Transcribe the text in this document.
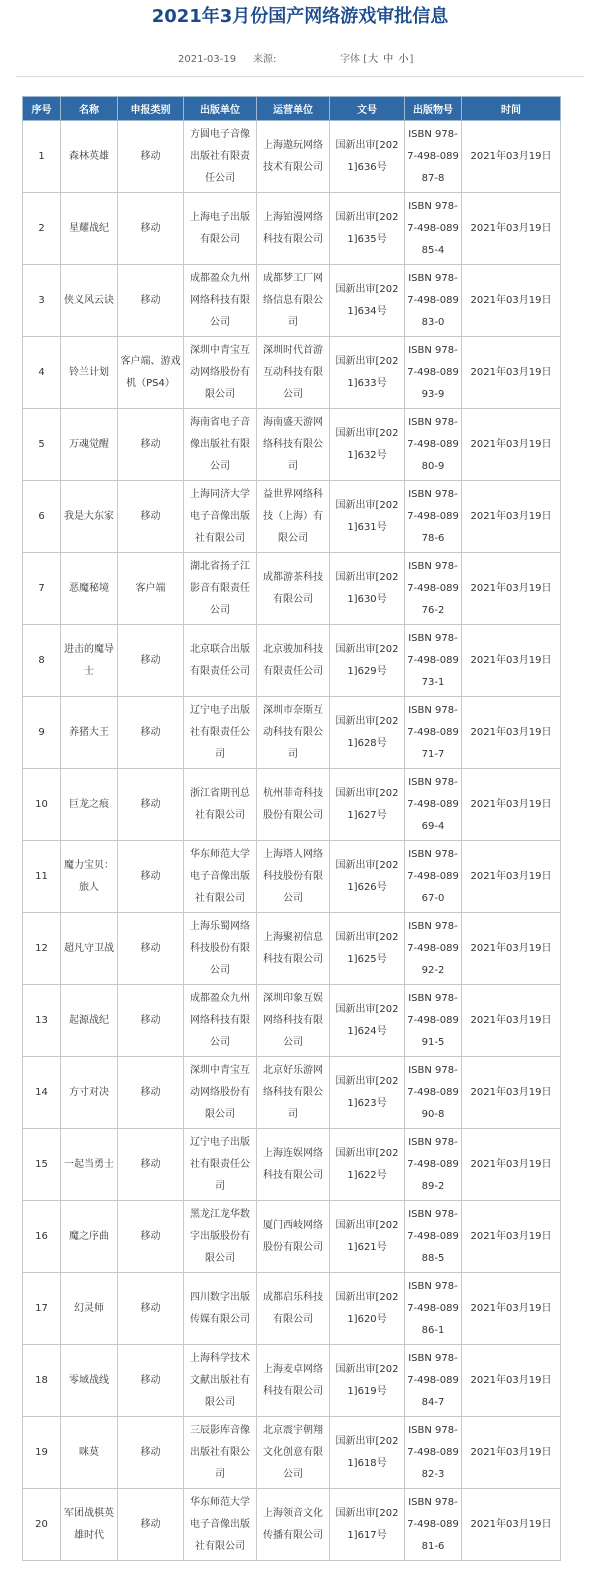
2021年3月份国产网络游戏审批信息
2021-03-19 来源:	字体 [大 中 小]
序号	名称	申报类别	出版单位	运营单位	文号	出版物号	时间
1	森林英雄	移动	方圆电子音像出版社有限责任公司	上海遨玩网络技术有限公司	国新出审[2021]636号	ISBN 978-7-498-08987-8	2021年03月19日
2	星耀战纪	移动	上海电子出版有限公司	上海铂漫网络科技有限公司	国新出审[2021]635号	ISBN 978-7-498-08985-4	2021年03月19日
3	侠义风云诀	移动	成都盈众九州网络科技有限公司	成都梦工厂网络信息有限公司	国新出审[2021]634号	ISBN 978-7-498-08983-0	2021年03月19日
4	铃兰计划	客户端、游戏机（PS4）	深圳中青宝互动网络股份有限公司	深圳时代首游互动科技有限公司	国新出审[2021]633号	ISBN 978-7-498-08993-9	2021年03月19日
5	万魂觉醒	移动	海南省电子音像出版社有限公司	海南盛天游网络科技有限公司	国新出审[2021]632号	ISBN 978-7-498-08980-9	2021年03月19日
6	我是大东家	移动	上海同济大学电子音像出版社有限公司	益世界网络科技（上海）有限公司	国新出审[2021]631号	ISBN 978-7-498-08978-6	2021年03月19日
7	恶魔秘境	客户端	湖北省扬子江影音有限责任公司	成都游茶科技有限公司	国新出审[2021]630号	ISBN 978-7-498-08976-2	2021年03月19日
8	进击的魔导士	移动	北京联合出版有限责任公司	北京骏加科技有限责任公司	国新出审[2021]629号	ISBN 978-7-498-08973-1	2021年03月19日
9	养猪大王	移动	辽宁电子出版社有限责任公司	深圳市奈斯互动科技有限公司	国新出审[2021]628号	ISBN 978-7-498-08971-7	2021年03月19日
10	巨龙之痕	移动	浙江省期刊总社有限公司	杭州菲奇科技股份有限公司	国新出审[2021]627号	ISBN 978-7-498-08969-4	2021年03月19日
11	魔力宝贝：旅人	移动	华东师范大学电子音像出版社有限公司	上海塔人网络科技股份有限公司	国新出审[2021]626号	ISBN 978-7-498-08967-0	2021年03月19日
12	超凡守卫战	移动	上海乐蜀网络科技股份有限公司	上海聚初信息科技有限公司	国新出审[2021]625号	ISBN 978-7-498-08992-2	2021年03月19日
13	起源战纪	移动	成都盈众九州网络科技有限公司	深圳印象互娱网络科技有限公司	国新出审[2021]624号	ISBN 978-7-498-08991-5	2021年03月19日
14	方寸对决	移动	深圳中青宝互动网络股份有限公司	北京好乐游网络科技有限公司	国新出审[2021]623号	ISBN 978-7-498-08990-8	2021年03月19日
15	一起当勇士	移动	辽宁电子出版社有限责任公司	上海连娱网络科技有限公司	国新出审[2021]622号	ISBN 978-7-498-08989-2	2021年03月19日
16	魔之序曲	移动	黑龙江龙华数字出版股份有限公司	厦门西岐网络股份有限公司	国新出审[2021]621号	ISBN 978-7-498-08988-5	2021年03月19日
17	幻灵师	移动	四川数字出版传媒有限公司	成都启乐科技有限公司	国新出审[2021]620号	ISBN 978-7-498-08986-1	2021年03月19日
18	零域战线	移动	上海科学技术文献出版社有限公司	上海麦卓网络科技有限公司	国新出审[2021]619号	ISBN 978-7-498-08984-7	2021年03月19日
19	咪莫	移动	三辰影库音像出版社有限公司	北京震宇朝翔文化创意有限公司	国新出审[2021]618号	ISBN 978-7-498-08982-3	2021年03月19日
20	军团战棋英雄时代	移动	华东师范大学电子音像出版社有限公司	上海领音文化传播有限公司	国新出审[2021]617号	ISBN 978-7-498-08981-6	2021年03月19日
